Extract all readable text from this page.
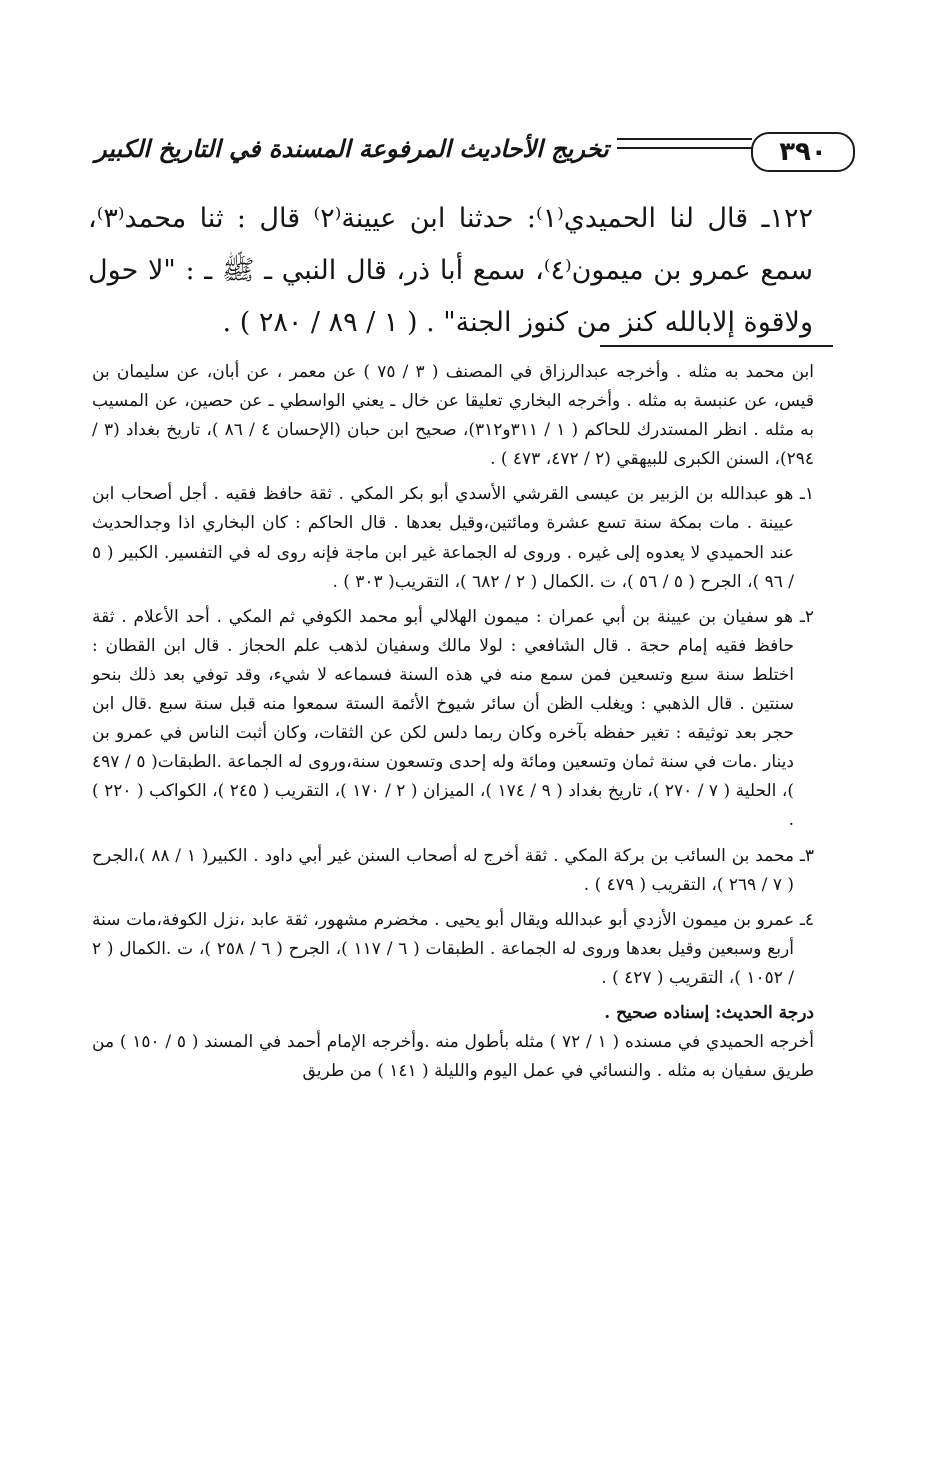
٣٩٠
تخريج الأحاديث المرفوعة المسندة في التاريخ الكبير

١٢٢ـ قال لنا الحميدي⁽١⁾: حدثنا ابن عيينة⁽٢⁾ قال : ثنا محمد⁽٣⁾، سمع عمرو بن ميمون⁽٤⁾، سمع أبا ذر، قال النبي ـ ﷺ ـ : "لا حول ولاقوة إلابالله كنز من كنوز الجنة" . ( ١ / ٨٩ / ٢٨٠ ) .

ابن محمد به مثله . وأخرجه عبدالرزاق في المصنف ( ٣ / ٧٥ ) عن معمر ، عن أبان، عن سليمان بن قيس، عن عنبسة به مثله . وأخرجه البخاري تعليقا عن خال ـ يعني الواسطي ـ عن حصين، عن المسيب به مثله . انظر المستدرك للحاكم ( ١ / ٣١١و٣١٢)، صحيح ابن حبان (الإحسان ٤ / ٨٦ )، تاريخ بغداد (٣ / ٢٩٤)، السنن الكبرى للبيهقي (٢ / ٤٧٢، ٤٧٣ ) .

١ـ هو عبدالله بن الزبير بن عيسى القرشي الأسدي أبو بكر المكي . ثقة حافظ فقيه . أجل أصحاب ابن عيينة . مات بمكة سنة تسع عشرة ومائتين،وقيل بعدها . قال الحاكم : كان البخاري اذا وجدالحديث عند الحميدي لا يعدوه إلى غيره . وروى له الجماعة غير ابن ماجة فإنه روى له في التفسير. الكبير ( ٥ / ٩٦ )، الجرح ( ٥ / ٥٦ )، ت .الكمال ( ٢ / ٦٨٢ )، التقريب( ٣٠٣ ) .

٢ـ هو سفيان بن عيينة بن أبي عمران : ميمون الهلالي أبو محمد الكوفي ثم المكي . أحد الأعلام . ثقة حافظ فقيه إمام حجة . قال الشافعي : لولا مالك وسفيان لذهب علم الحجاز . قال ابن القطان : اختلط سنة سبع وتسعين فمن سمع منه في هذه السنة فسماعه لا شيء، وقد توفي بعد ذلك بنحو سنتين . قال الذهبي : ويغلب الظن أن سائر شيوخ الأئمة الستة سمعوا منه قبل سنة سبع .قال ابن حجر بعد توثيقه : تغير حفظه بآخره وكان ربما دلس لكن عن الثقات، وكان أثبت الناس في عمرو بن دينار .مات في سنة ثمان وتسعين ومائة وله إحدى وتسعون سنة،وروى له الجماعة .الطبقات( ٥ / ٤٩٧ )، الحلية ( ٧ / ٢٧٠ )، تاريخ بغداد ( ٩ / ١٧٤ )، الميزان ( ٢ / ١٧٠ )، التقريب ( ٢٤٥ )، الكواكب ( ٢٢٠ ) .

٣ـ محمد بن السائب بن بركة المكي . ثقة أخرج له أصحاب السنن غير أبي داود . الكبير( ١ / ٨٨ )،الجرح ( ٧ / ٢٦٩ )، التقريب ( ٤٧٩ ) .

٤ـ عمرو بن ميمون الأزدي أبو عبدالله ويقال أبو يحيى . مخضرم مشهور، ثقة عابد ،نزل الكوفة،مات سنة أربع وسبعين وقيل بعدها وروى له الجماعة . الطبقات ( ٦ / ١١٧ )، الجرح ( ٦ / ٢٥٨ )، ت .الكمال ( ٢ / ١٠٥٢ )، التقريب ( ٤٢٧ ) .

درجة الحديث: إسناده صحيح .

أخرجه الحميدي في مسنده ( ١ / ٧٢ ) مثله بأطول منه .وأخرجه الإمام أحمد في المسند ( ٥ / ١٥٠ ) من طريق سفيان به مثله . والنسائي في عمل اليوم والليلة ( ١٤١ ) من طريق
